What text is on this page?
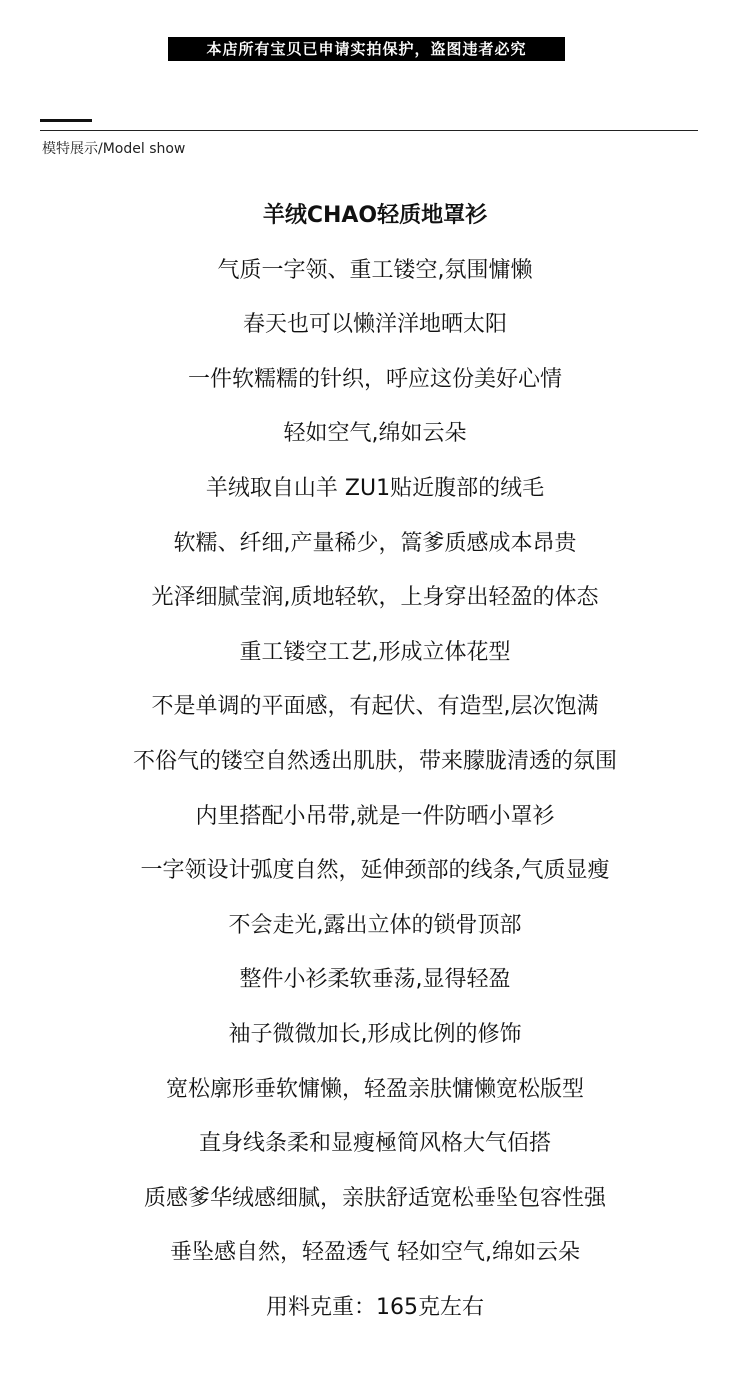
本店所有宝贝已申请实拍保护，盗图违者必究
模特展示/Model show
羊绒CHAO轻质地罩衫
气质一字领、重工镂空,氛围慵懒
春天也可以懒洋洋地晒太阳
一件软糯糯的针织，呼应这份美好心情
轻如空气,绵如云朵
羊绒取自山羊 ZU1贴近腹部的绒毛
软糯、纤细,产量稀少，篙爹质感成本昂贵
光泽细腻莹润,质地轻软，上身穿出轻盈的体态
重工镂空工艺,形成立体花型
不是单调的平面感，有起伏、有造型,层次饱满
不俗气的镂空自然透出肌肤，带来朦胧清透的氛围
内里搭配小吊带,就是一件防晒小罩衫
一字领设计弧度自然，延伸颈部的线条,气质显瘦
不会走光,露出立体的锁骨顶部
整件小衫柔软垂荡,显得轻盈
袖子微微加长,形成比例的修饰
宽松廓形垂软慵懒，轻盈亲肤慵懒宽松版型
直身线条柔和显瘦極简风格大气佰搭
质感爹华绒感细腻，亲肤舒适宽松垂坠包容性强
垂坠感自然，轻盈透气 轻如空气,绵如云朵
用料克重：165克左右
